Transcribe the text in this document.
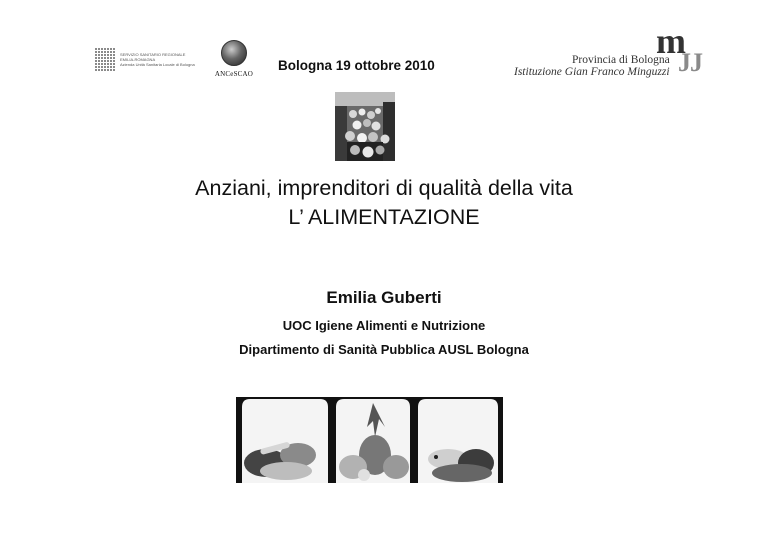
SERVIZIO SANITARIO REGIONALE
EMILIA-ROMAGNA
Azienda Unità Sanitaria Locale di Bologna
ANCeSCAO
Bologna 19 ottobre 2010
m
JJ
Provincia di Bologna
Istituzione Gian Franco Minguzzi
Anziani, imprenditori di qualità della vita
L’ ALIMENTAZIONE
Emilia Guberti
UOC Igiene Alimenti e Nutrizione
Dipartimento di Sanità Pubblica AUSL Bologna
